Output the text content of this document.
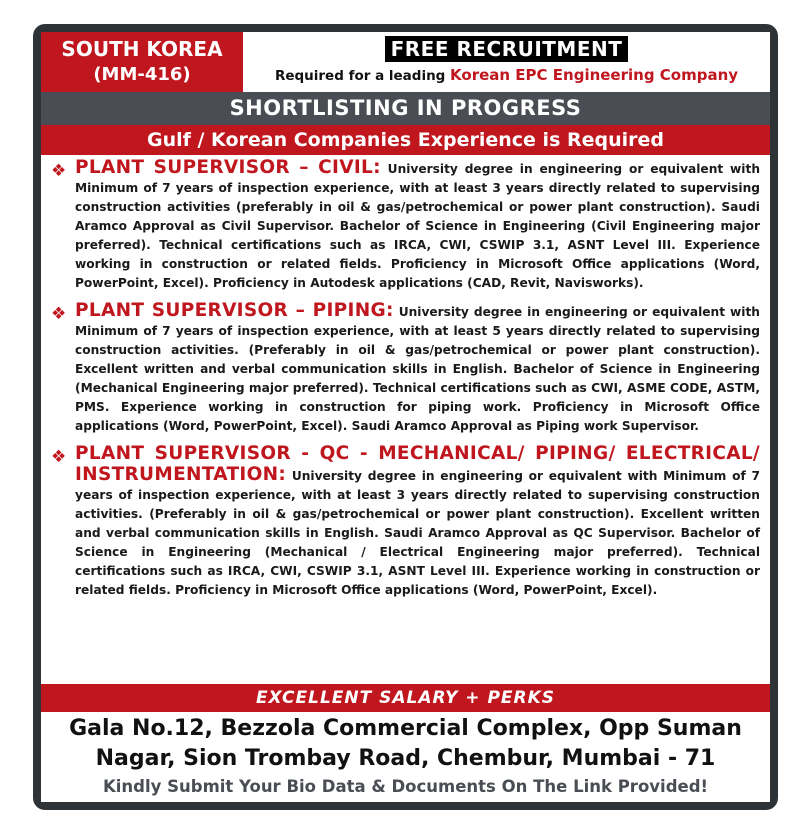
SOUTH KOREA
(MM-416)
FREE RECRUITMENT
Required for a leading Korean EPC Engineering Company
SHORTLISTING IN PROGRESS
Gulf / Korean Companies Experience is Required
❖ PLANT SUPERVISOR – CIVIL: University degree in engineering or equivalent with Minimum of 7 years of inspection experience, with at least 3 years directly related to supervising construction activities (preferably in oil & gas/petrochemical or power plant construction). Saudi Aramco Approval as Civil Supervisor. Bachelor of Science in Engineering (Civil Engineering major preferred). Technical certifications such as IRCA, CWI, CSWIP 3.1, ASNT Level III. Experience working in construction or related fields. Proficiency in Microsoft Office applications (Word, PowerPoint, Excel). Proficiency in Autodesk applications (CAD, Revit, Navisworks).

❖ PLANT SUPERVISOR – PIPING: University degree in engineering or equivalent with Minimum of 7 years of inspection experience, with at least 5 years directly related to supervising construction activities. (Preferably in oil & gas/petrochemical or power plant construction). Excellent written and verbal communication skills in English. Bachelor of Science in Engineering (Mechanical Engineering major preferred). Technical certifications such as CWI, ASME CODE, ASTM, PMS. Experience working in construction for piping work. Proficiency in Microsoft Office applications (Word, PowerPoint, Excel). Saudi Aramco Approval as Piping work Supervisor.

❖ PLANT SUPERVISOR - QC - MECHANICAL/ PIPING/ ELECTRICAL/ INSTRUMENTATION: University degree in engineering or equivalent with Minimum of 7 years of inspection experience, with at least 3 years directly related to supervising construction activities. (Preferably in oil & gas/petrochemical or power plant construction). Excellent written and verbal communication skills in English. Saudi Aramco Approval as QC Supervisor. Bachelor of Science in Engineering (Mechanical / Electrical Engineering major preferred). Technical certifications such as IRCA, CWI, CSWIP 3.1, ASNT Level III. Experience working in construction or related fields. Proficiency in Microsoft Office applications (Word, PowerPoint, Excel).

EXCELLENT SALARY + PERKS
Gala No.12, Bezzola Commercial Complex, Opp Suman
Nagar, Sion Trombay Road, Chembur, Mumbai - 71
Kindly Submit Your Bio Data & Documents On The Link Provided!
